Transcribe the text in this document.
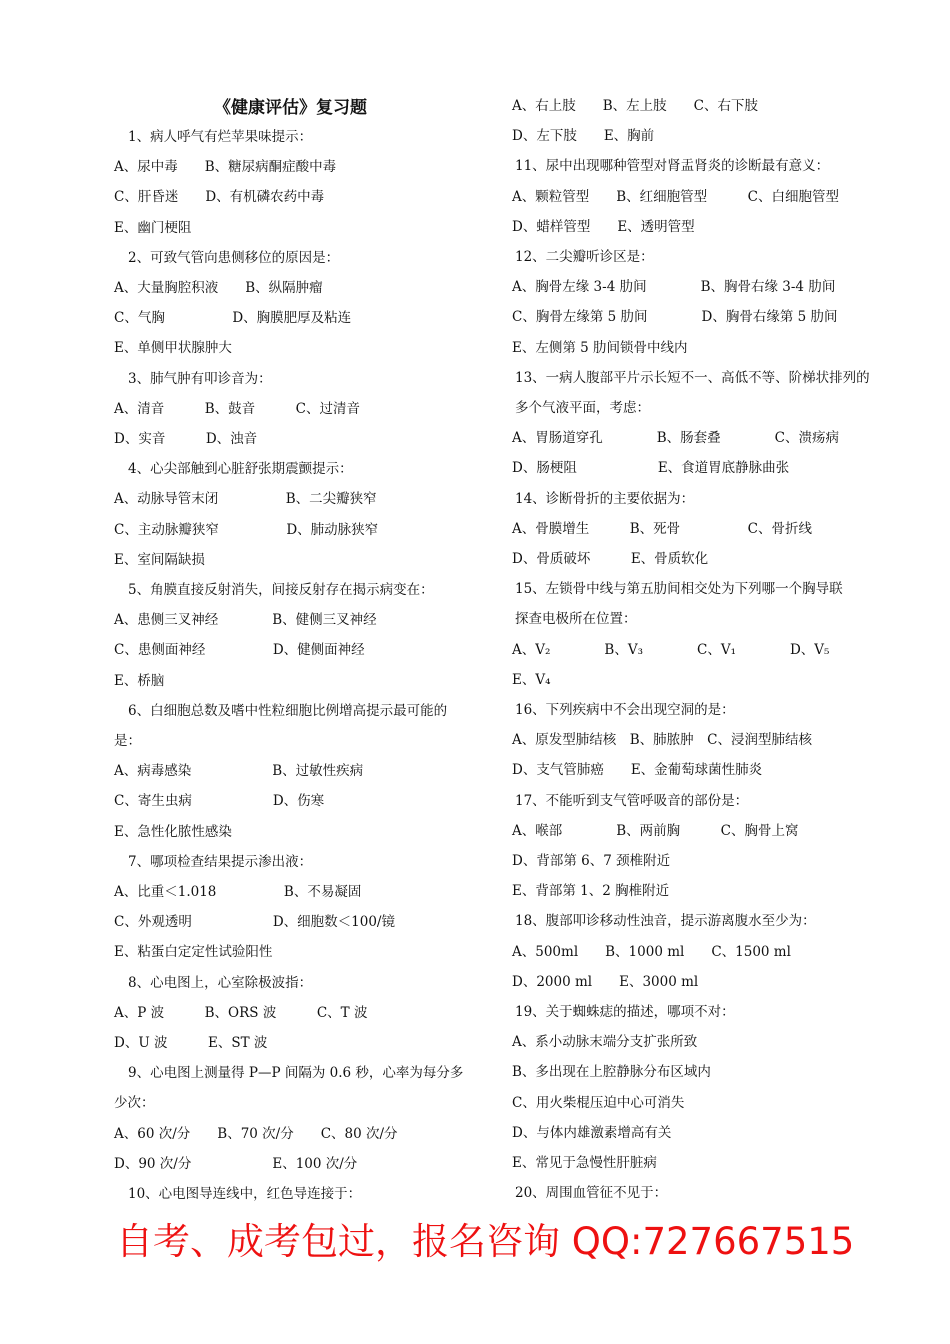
《健康评估》复习题
1、病人呼气有烂苹果味提示：
A、尿中毒　　B、糖尿病酮症酸中毒
C、肝昏迷　　D、有机磷农药中毒
E、幽门梗阻
2、可致气管向患侧移位的原因是：
A、大量胸腔积液　　B、纵隔肿瘤
C、气胸　　　　　D、胸膜肥厚及粘连
E、单侧甲状腺肿大
3、肺气肿有叩诊音为：
A、清音　　　B、鼓音　　　C、过清音
D、实音　　　D、浊音
4、心尖部触到心脏舒张期震颤提示：
A、动脉导管末闭　　　　　B、二尖瓣狭窄
C、主动脉瓣狭窄　　　　　D、肺动脉狭窄
E、室间隔缺损
5、角膜直接反射消失，间接反射存在揭示病变在：
A、患侧三叉神经　　　　B、健侧三叉神经
C、患侧面神经　　　　　D、健侧面神经
E、桥脑
6、白细胞总数及嗜中性粒细胞比例增高提示最可能的
是：
A、病毒感染　　　　　　B、过敏性疾病
C、寄生虫病　　　　　　D、伤寒
E、急性化脓性感染
7、哪项检查结果提示渗出液：
A、比重＜1.018　　　　　B、不易凝固
C、外观透明　　　　　　D、细胞数＜100/镜
E、粘蛋白定定性试验阳性
8、心电图上，心室除极波指：
A、P 波　　　B、ORS 波　　　C、T 波
D、U 波　　　E、ST 波
9、心电图上测量得 P—P 间隔为 0.6 秒，心率为每分多
少次：
A、60 次/分　　B、70 次/分　　C、80 次/分
D、90 次/分　　　　　　E、100 次/分
10、心电图导连线中，红色导连接于：
A、右上肢　　B、左上肢　　C、右下肢
D、左下肢　　E、胸前
11、尿中出现哪种管型对肾盂肾炎的诊断最有意义：
A、颗粒管型　　B、红细胞管型　　　C、白细胞管型
D、蜡样管型　　E、透明管型
12、二尖瓣听诊区是：
A、胸骨左缘 3-4 肋间　　　　B、胸骨右缘 3-4 肋间
C、胸骨左缘第 5 肋间　　　　D、胸骨右缘第 5 肋间
E、左侧第 5 肋间锁骨中线内
13、一病人腹部平片示长短不一、高低不等、阶梯状排列的
多个气液平面，考虑：
A、胃肠道穿孔　　　　B、肠套叠　　　　C、溃疡病
D、肠梗阻　　　　　　E、食道胃底静脉曲张
14、诊断骨折的主要依据为：
A、骨膜增生　　　B、死骨　　　　　C、骨折线
D、骨质破坏　　　E、骨质软化
15、左锁骨中线与第五肋间相交处为下列哪一个胸导联
探查电极所在位置：
A、V₂　　　　B、V₃　　　　C、V₁　　　　D、V₅
E、V₄
16、下列疾病中不会出现空洞的是：
A、原发型肺结核　B、肺脓肿　C、浸润型肺结核
D、支气管肺癌　　E、金葡萄球菌性肺炎
17、不能听到支气管呼吸音的部份是：
A、喉部　　　　B、两前胸　　　C、胸骨上窝
D、背部第 6、7 颈椎附近
E、背部第 1、2 胸椎附近
18、腹部叩诊移动性浊音，提示游离腹水至少为：
A、500ml　　B、1000 ml　　C、1500 ml
D、2000 ml　　E、3000 ml
19、关于蜘蛛痣的描述，哪项不对：
A、系小动脉末端分支扩张所致
B、多出现在上腔静脉分布区域内
C、用火柴棍压迫中心可消失
D、与体内雄激素增高有关
E、常见于急慢性肝脏病
20、周围血管征不见于：
自考、成考包过，报名咨询 QQ:727667515
